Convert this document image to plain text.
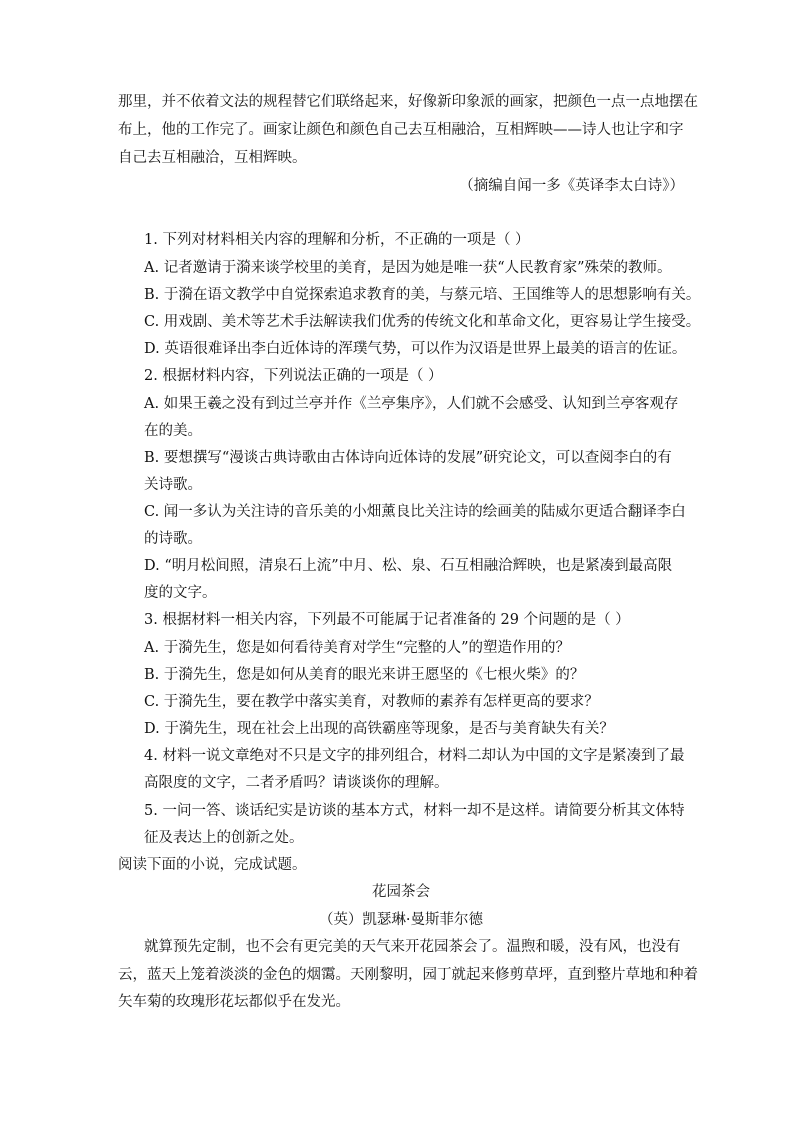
那里，并不依着文法的规程替它们联络起来，好像新印象派的画家，把颜色一点一点地摆在
布上，他的工作完了。画家让颜色和颜色自己去互相融洽，互相辉映——诗人也让字和字
自己去互相融洽，互相辉映。
（摘编自闻一多《英译李太白诗》）
1. 下列对材料相关内容的理解和分析，不正确的一项是（ ）
A. 记者邀请于漪来谈学校里的美育，是因为她是唯一获“人民教育家”殊荣的教师。
B. 于漪在语文教学中自觉探索追求教育的美，与蔡元培、王国维等人的思想影响有关。
C. 用戏剧、美术等艺术手法解读我们优秀的传统文化和革命文化，更容易让学生接受。
D. 英语很难译出李白近体诗的浑璞气势，可以作为汉语是世界上最美的语言的佐证。
2. 根据材料内容，下列说法正确的一项是（ ）
A. 如果王羲之没有到过兰亭并作《兰亭集序》，人们就不会感受、认知到兰亭客观存
在的美。
B. 要想撰写“漫谈古典诗歌由古体诗向近体诗的发展”研究论文，可以查阅李白的有
关诗歌。
C. 闻一多认为关注诗的音乐美的小畑薰良比关注诗的绘画美的陆威尔更适合翻译李白
的诗歌。
D. “明月松间照，清泉石上流”中月、松、泉、石互相融洽辉映，也是紧凑到最高限
度的文字。
3. 根据材料一相关内容，下列最不可能属于记者准备的 29 个问题的是（ ）
A. 于漪先生，您是如何看待美育对学生“完整的人”的塑造作用的？
B. 于漪先生，您是如何从美育的眼光来讲王愿坚的《七根火柴》的？
C. 于漪先生，要在教学中落实美育，对教师的素养有怎样更高的要求？
D. 于漪先生，现在社会上出现的高铁霸座等现象，是否与美育缺失有关？
4. 材料一说文章绝对不只是文字的排列组合，材料二却认为中国的文字是紧凑到了最
高限度的文字，二者矛盾吗？请谈谈你的理解。
5. 一问一答、谈话纪实是访谈的基本方式，材料一却不是这样。请简要分析其文体特
征及表达上的创新之处。
阅读下面的小说，完成试题。
花园茶会
（英）凯瑟琳·曼斯菲尔德
就算预先定制，也不会有更完美的天气来开花园茶会了。温煦和暖，没有风，也没有
云，蓝天上笼着淡淡的金色的烟霭。天刚黎明，园丁就起来修剪草坪，直到整片草地和种着
矢车菊的玫瑰形花坛都似乎在发光。
